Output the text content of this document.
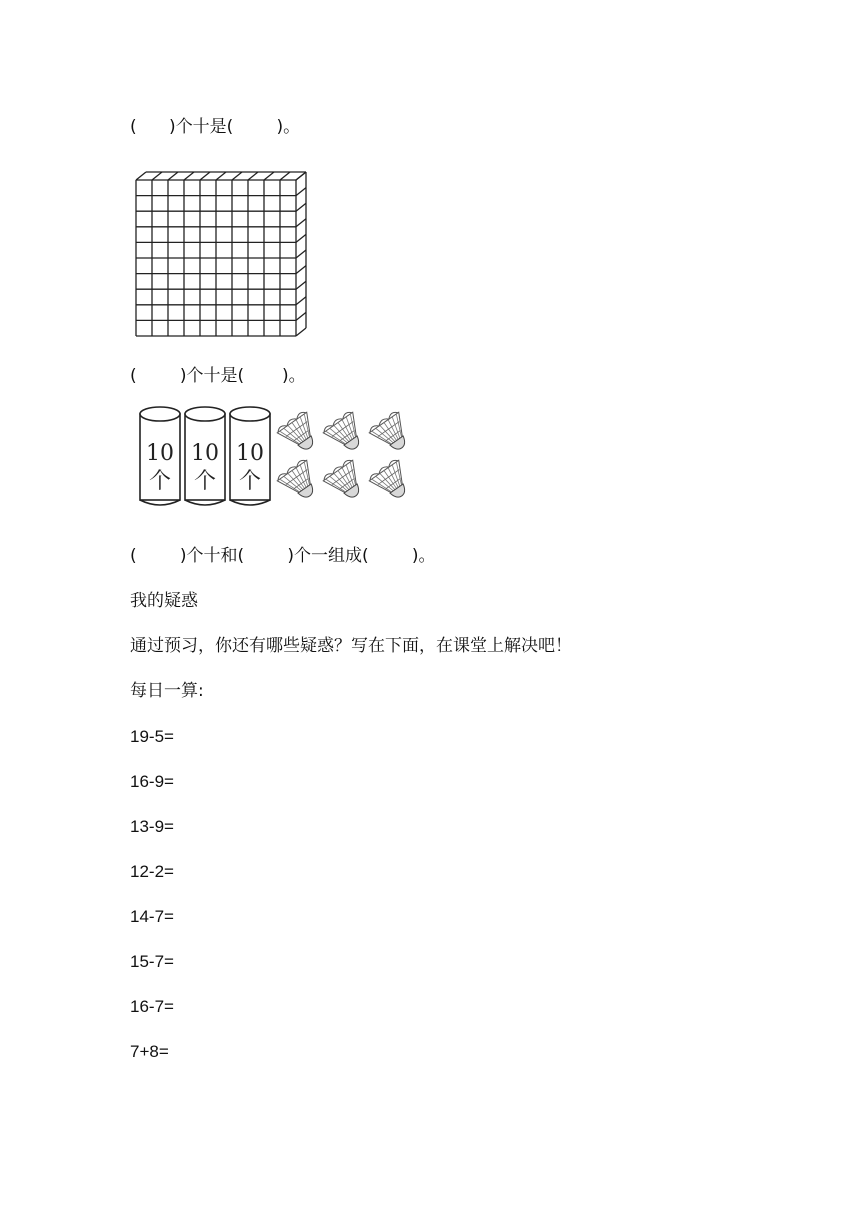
(      )个十是(        )。
(        )个十是(       )。
10
个
10
个
10
个
(        )个十和(        )个一组成(        )。
我的疑惑
通过预习，你还有哪些疑惑？写在下面，在课堂上解决吧！
每日一算:
19-5=
16-9=
13-9=
12-2=
14-7=
15-7=
16-7=
7+8=
